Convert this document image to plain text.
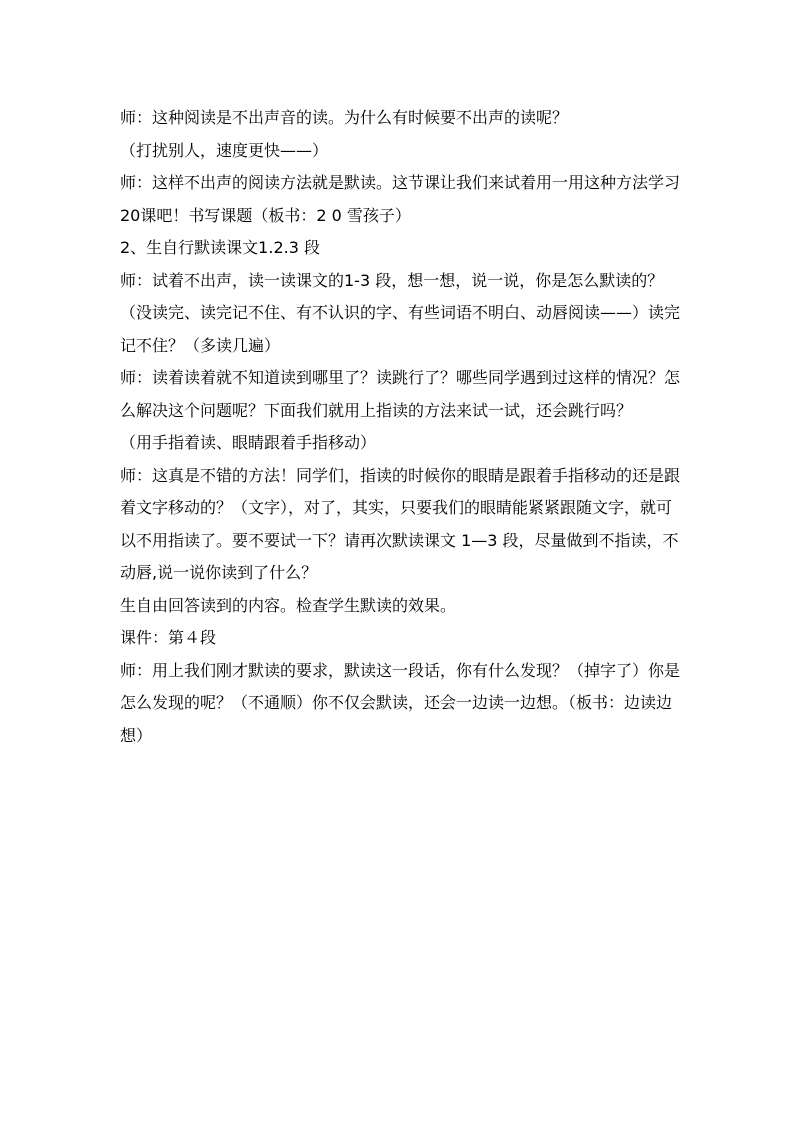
师：这种阅读是不出声音的读。为什么有时候要不出声的读呢？

（打扰别人，速度更快——）

师：这样不出声的阅读方法就是默读。这节课让我们来试着用一用这种方法学习20课吧！书写课题（板书：2 0 雪孩子）

2、生自行默读课文1.2.3 段

师：试着不出声，读一读课文的1-3 段，想一想，说一说，你是怎么默读的？

（没读完、读完记不住、有不认识的字、有些词语不明白、动唇阅读——）读完记不住？（多读几遍）

师：读着读着就不知道读到哪里了？读跳行了？哪些同学遇到过这样的情况？怎么解决这个问题呢？下面我们就用上指读的方法来试一试，还会跳行吗？

（用手指着读、眼睛跟着手指移动）

师：这真是不错的方法！同学们，指读的时候你的眼睛是跟着手指移动的还是跟着文字移动的？（文字），对了，其实，只要我们的眼睛能紧紧跟随文字，就可以不用指读了。要不要试一下？请再次默读课文 1—3 段，尽量做到不指读，不动唇,说一说你读到了什么？

生自由回答读到的内容。检查学生默读的效果。

课件：第４段

师：用上我们刚才默读的要求，默读这一段话，你有什么发现？（掉字了）你是怎么发现的呢？（不通顺）你不仅会默读，还会一边读一边想。（板书：边读边想）
